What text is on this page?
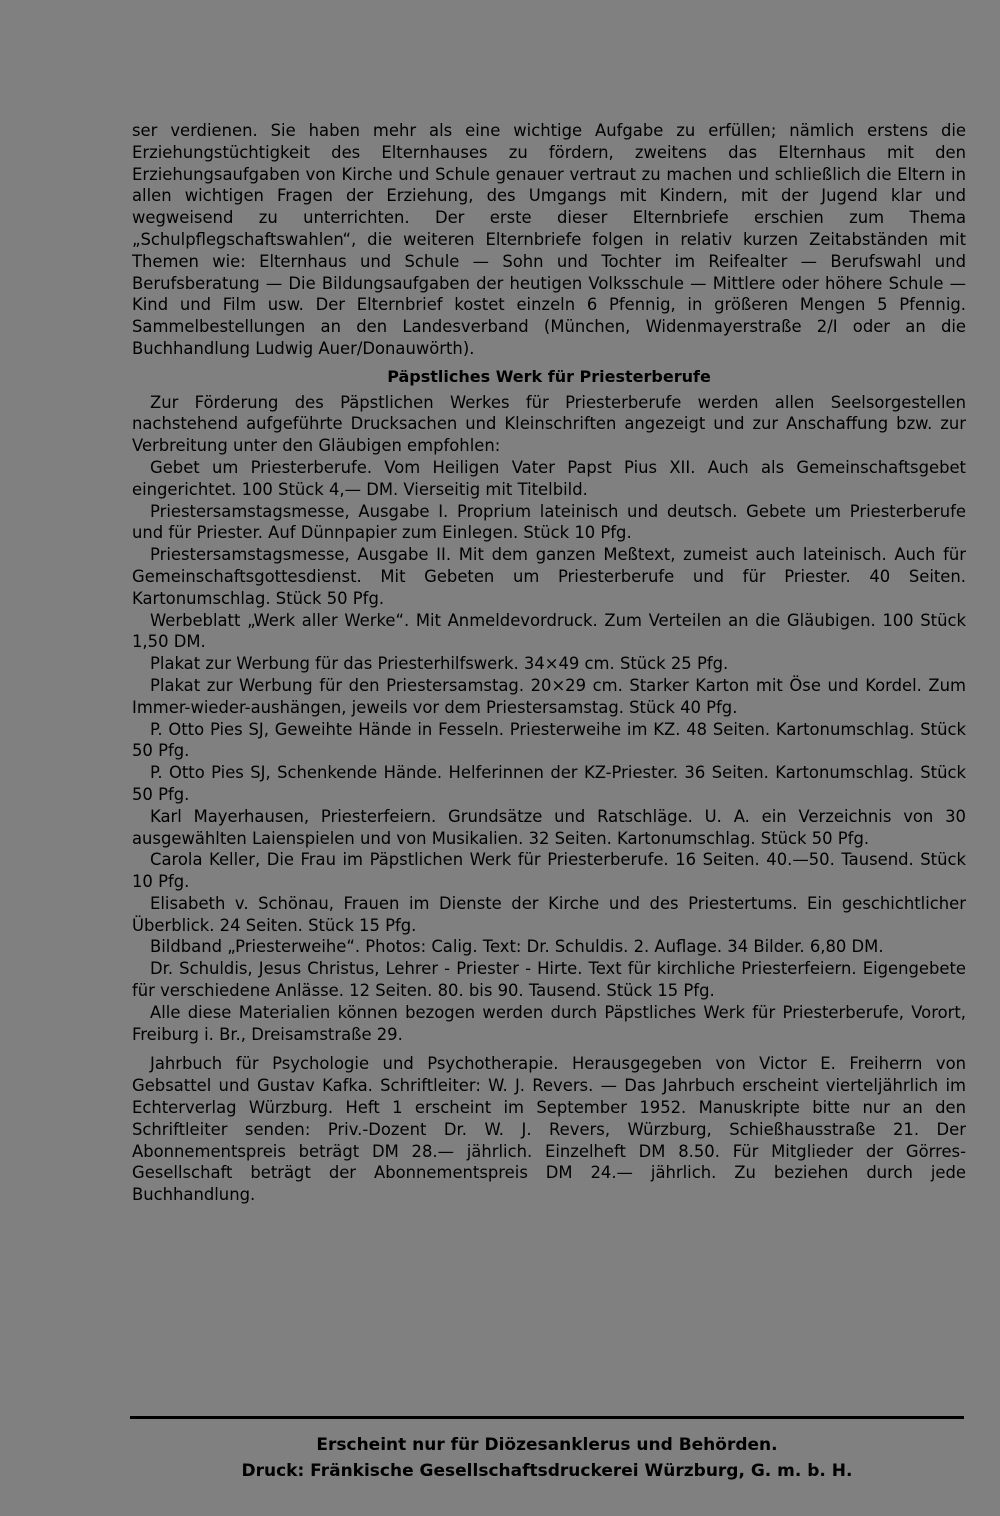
ser verdienen. Sie haben mehr als eine wichtige Aufgabe zu erfüllen; nämlich erstens die Erziehungstüchtigkeit des Elternhauses zu fördern, zweitens das Elternhaus mit den Erziehungsaufgaben von Kirche und Schule genauer vertraut zu machen und schließlich die Eltern in allen wichtigen Fragen der Erziehung, des Umgangs mit Kindern, mit der Jugend klar und wegweisend zu unterrichten. Der erste dieser Elternbriefe erschien zum Thema „Schulpflegschaftswahlen“, die weiteren Elternbriefe folgen in relativ kurzen Zeitabständen mit Themen wie: Elternhaus und Schule — Sohn und Tochter im Reifealter — Berufswahl und Berufsberatung — Die Bildungsaufgaben der heutigen Volksschule — Mittlere oder höhere Schule — Kind und Film usw. Der Elternbrief kostet einzeln 6 Pfennig, in größeren Mengen 5 Pfennig. Sammelbestellungen an den Landesverband (München, Widenmayerstraße 2/I oder an die Buchhandlung Ludwig Auer/Donauwörth).

Päpstliches Werk für Priesterberufe

Zur Förderung des Päpstlichen Werkes für Priesterberufe werden allen Seelsorgestellen nachstehend aufgeführte Drucksachen und Kleinschriften angezeigt und zur Anschaffung bzw. zur Verbreitung unter den Gläubigen empfohlen:

Gebet um Priesterberufe. Vom Heiligen Vater Papst Pius XII. Auch als Gemeinschaftsgebet eingerichtet. 100 Stück 4,— DM. Vierseitig mit Titelbild.

Priestersamstagsmesse, Ausgabe I. Proprium lateinisch und deutsch. Gebete um Priesterberufe und für Priester. Auf Dünnpapier zum Einlegen. Stück 10 Pfg.

Priestersamstagsmesse, Ausgabe II. Mit dem ganzen Meßtext, zumeist auch lateinisch. Auch für Gemeinschaftsgottesdienst. Mit Gebeten um Priesterberufe und für Priester. 40 Seiten. Kartonumschlag. Stück 50 Pfg.

Werbeblatt „Werk aller Werke“. Mit Anmeldevordruck. Zum Verteilen an die Gläubigen. 100 Stück 1,50 DM.

Plakat zur Werbung für das Priesterhilfswerk. 34×49 cm. Stück 25 Pfg.

Plakat zur Werbung für den Priestersamstag. 20×29 cm. Starker Karton mit Öse und Kordel. Zum Immer-wieder-aushängen, jeweils vor dem Priestersamstag. Stück 40 Pfg.

P. Otto Pies SJ, Geweihte Hände in Fesseln. Priesterweihe im KZ. 48 Seiten. Kartonumschlag. Stück 50 Pfg.

P. Otto Pies SJ, Schenkende Hände. Helferinnen der KZ-Priester. 36 Seiten. Kartonumschlag. Stück 50 Pfg.

Karl Mayerhausen, Priesterfeiern. Grundsätze und Ratschläge. U. A. ein Verzeichnis von 30 ausgewählten Laienspielen und von Musikalien. 32 Seiten. Kartonumschlag. Stück 50 Pfg.

Carola Keller, Die Frau im Päpstlichen Werk für Priesterberufe. 16 Seiten. 40.—50. Tausend. Stück 10 Pfg.

Elisabeth v. Schönau, Frauen im Dienste der Kirche und des Priestertums. Ein geschichtlicher Überblick. 24 Seiten. Stück 15 Pfg.

Bildband „Priesterweihe“. Photos: Calig. Text: Dr. Schuldis. 2. Auflage. 34 Bilder. 6,80 DM.

Dr. Schuldis, Jesus Christus, Lehrer - Priester - Hirte. Text für kirchliche Priesterfeiern. Eigengebete für verschiedene Anlässe. 12 Seiten. 80. bis 90. Tausend. Stück 15 Pfg.

Alle diese Materialien können bezogen werden durch Päpstliches Werk für Priesterberufe, Vorort, Freiburg i. Br., Dreisamstraße 29.

Jahrbuch für Psychologie und Psychotherapie. Herausgegeben von Victor E. Freiherrn von Gebsattel und Gustav Kafka. Schriftleiter: W. J. Revers. — Das Jahrbuch erscheint vierteljährlich im Echterverlag Würzburg. Heft 1 erscheint im September 1952. Manuskripte bitte nur an den Schriftleiter senden: Priv.-Dozent Dr. W. J. Revers, Würzburg, Schießhausstraße 21. Der Abonnementspreis beträgt DM 28.— jährlich. Einzelheft DM 8.50. Für Mitglieder der Görres-Gesellschaft beträgt der Abonnementspreis DM 24.— jährlich. Zu beziehen durch jede Buchhandlung.

Erscheint nur für Diözesanklerus und Behörden.
Druck: Fränkische Gesellschaftsdruckerei Würzburg, G. m. b. H.
